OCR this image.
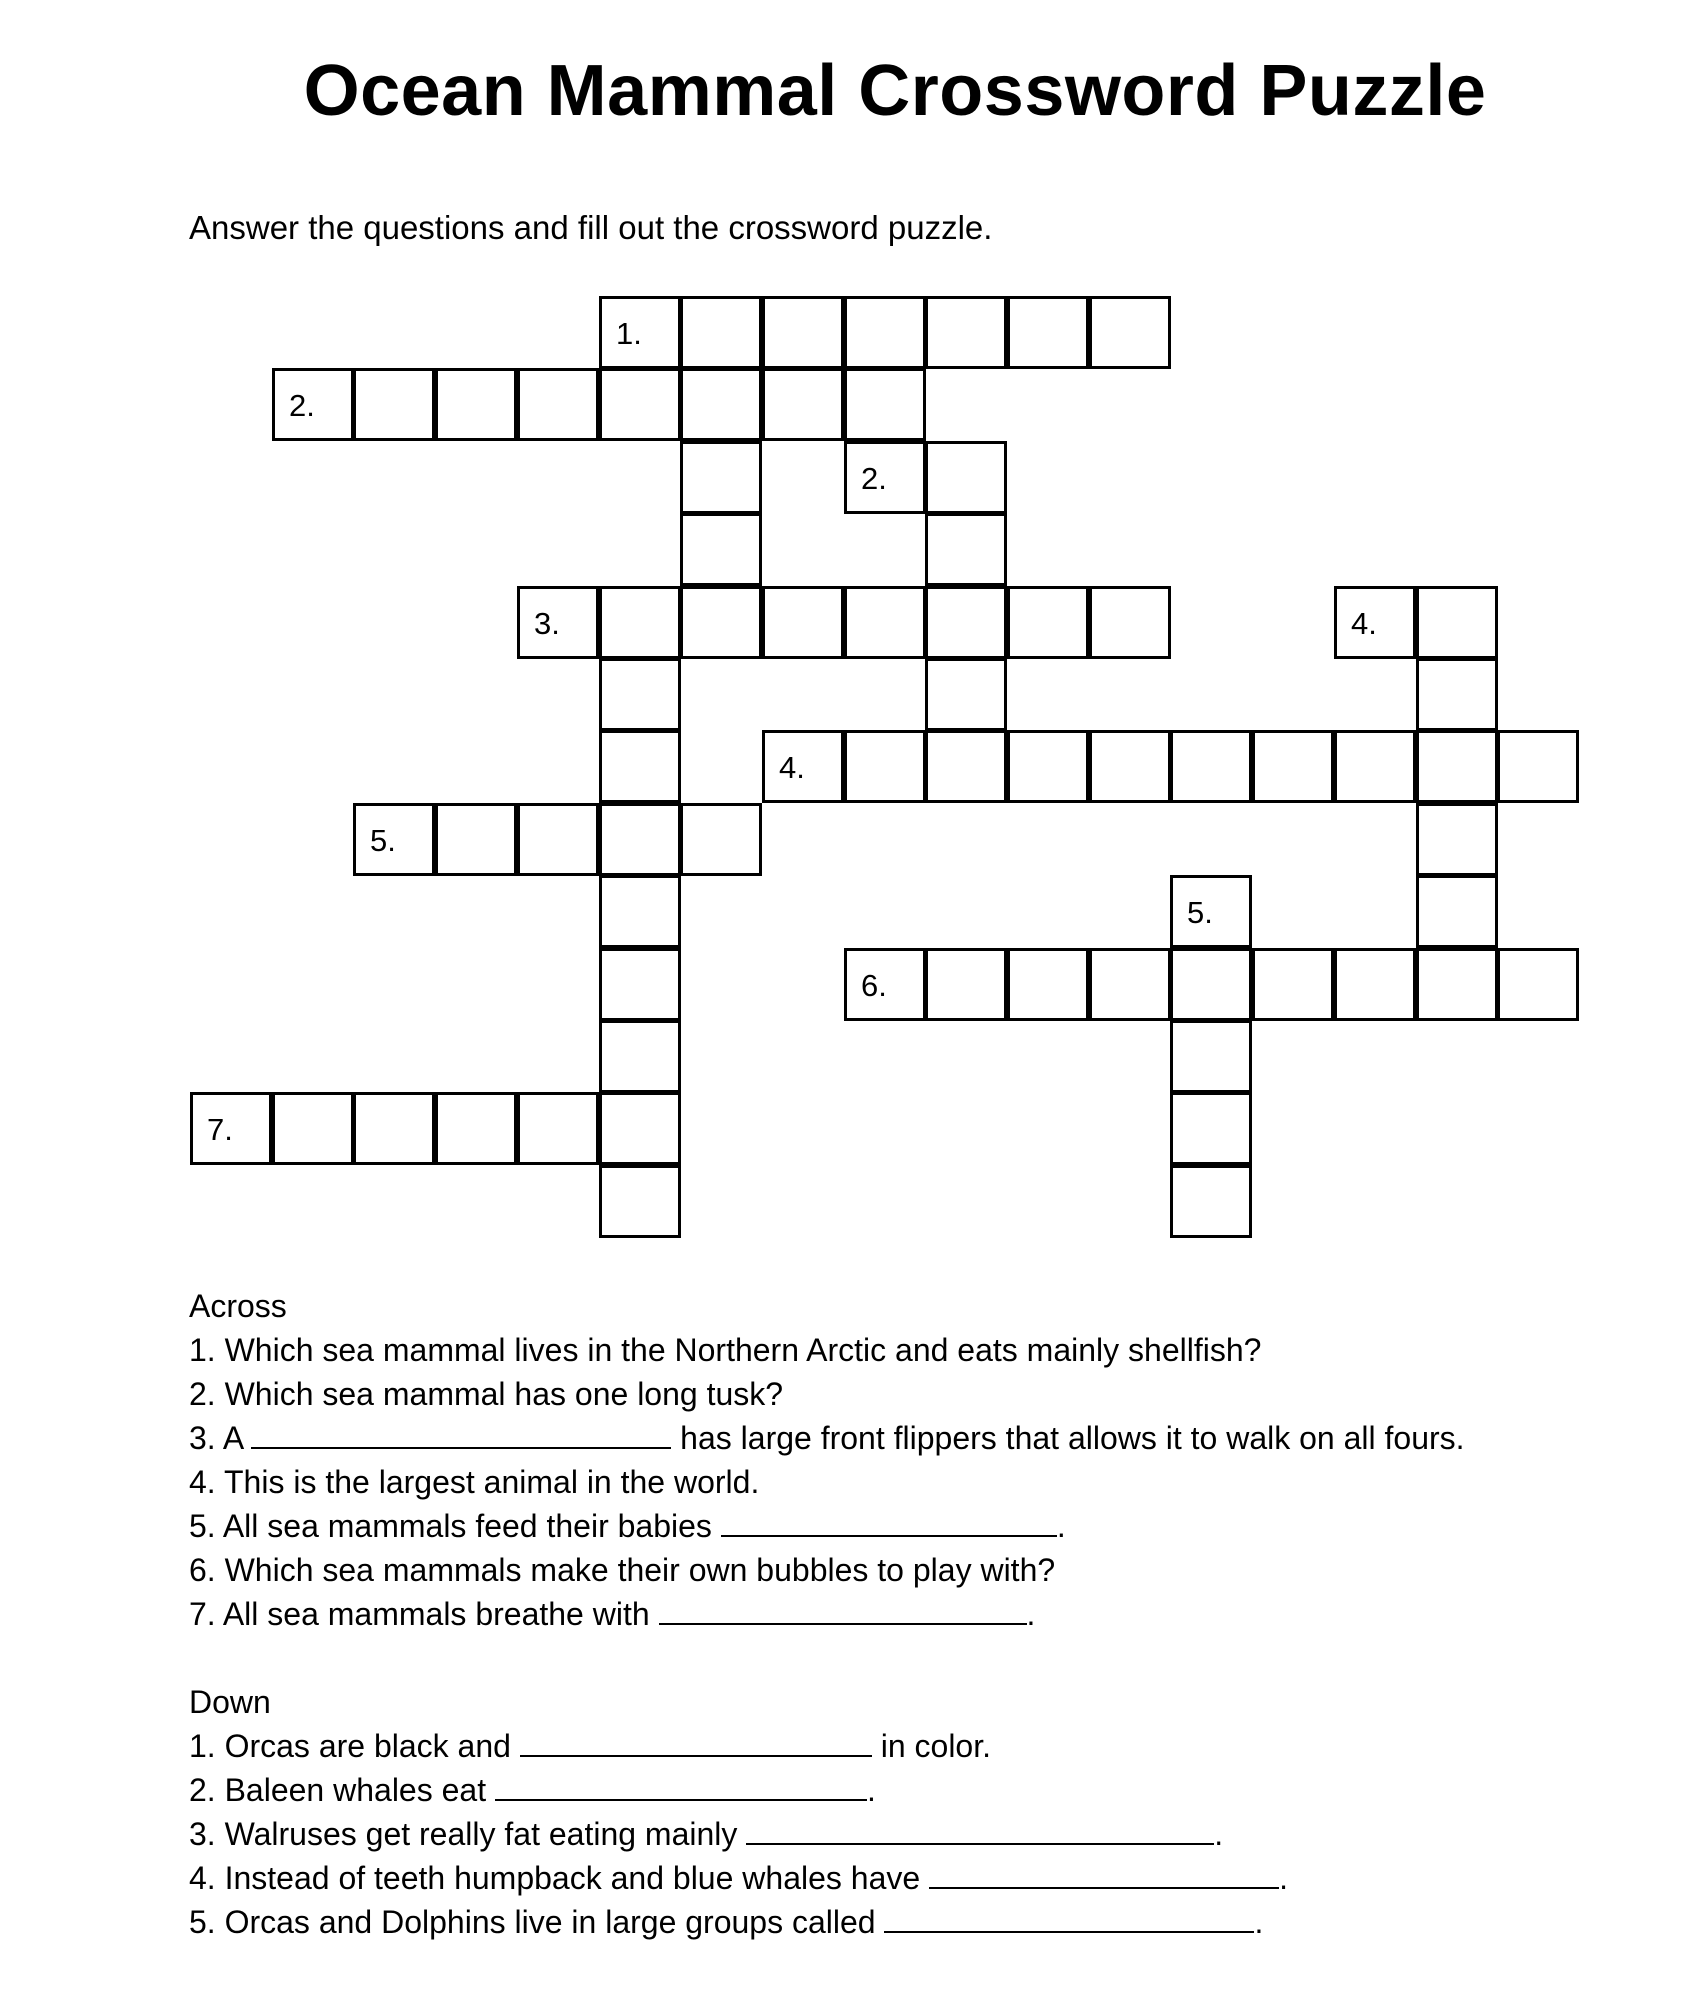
Ocean Mammal Crossword Puzzle
Answer the questions and fill out the crossword puzzle.
1.
2.
2.
3.	4.
4.
5.
5.
6.
7.
Across
1. Which sea mammal lives in the Northern Arctic and eats mainly shellfish?
2. Which sea mammal has one long tusk?
3. A	has large front flippers that allows it to walk on all fours.
4. This is the largest animal in the world.
5. All sea mammals feed their babies	.
6. Which sea mammals make their own bubbles to play with?
7. All sea mammals breathe with	.
Down
1. Orcas are black and	in color.
2. Baleen whales eat	.
3. Walruses get really fat eating mainly	.
4. Instead of teeth humpback and blue whales have	.
5. Orcas and Dolphins live in large groups called	.
